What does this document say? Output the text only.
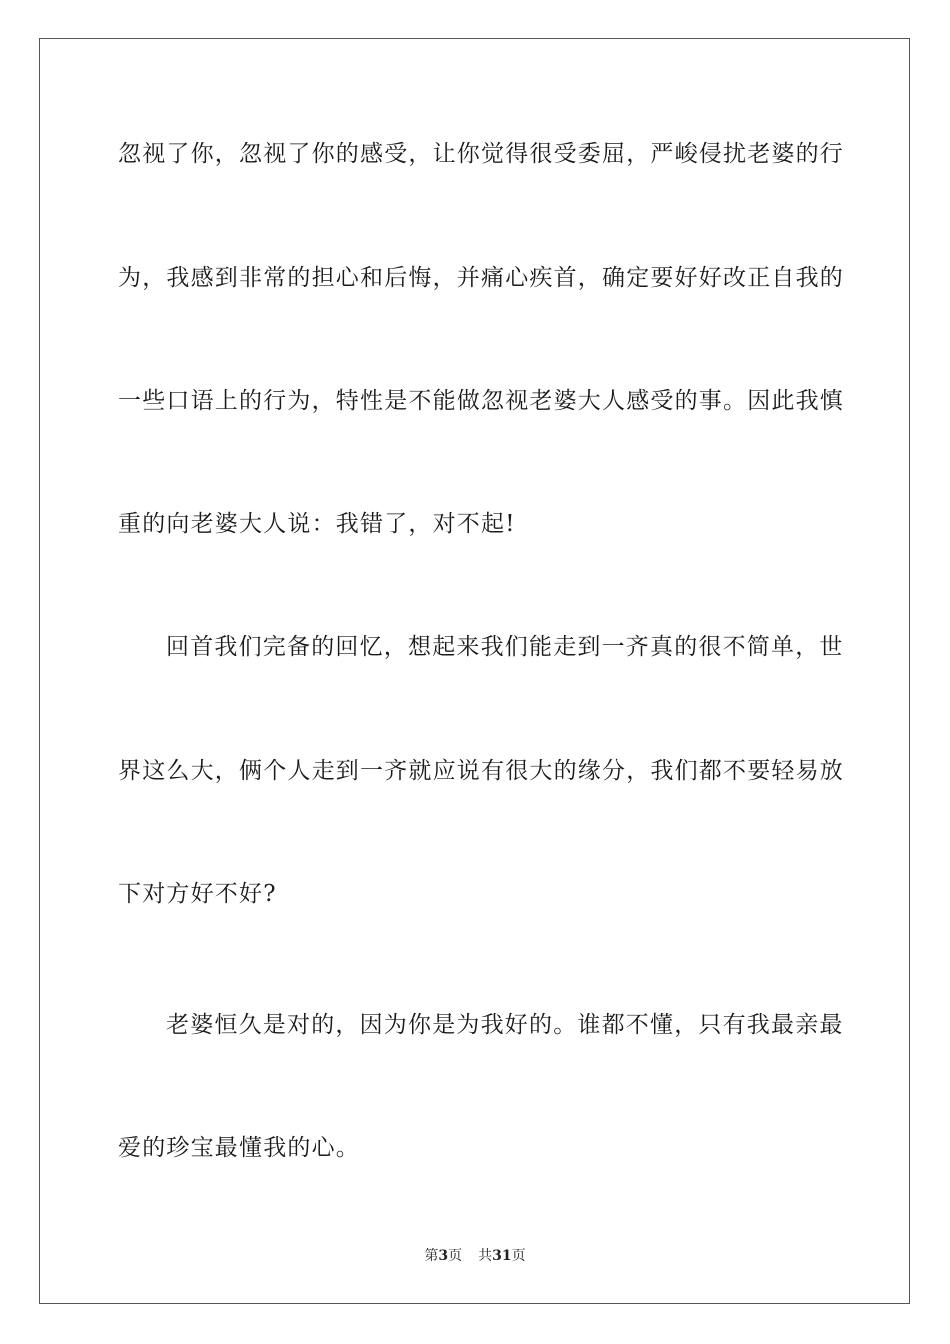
忽视了你，忽视了你的感受，让你觉得很受委屈，严峻侵扰老婆的行
为，我感到非常的担心和后悔，并痛心疾首，确定要好好改正自我的
一些口语上的行为，特性是不能做忽视老婆大人感受的事。因此我慎
重的向老婆大人说：我错了，对不起!
回首我们完备的回忆，想起来我们能走到一齐真的很不简单，世
界这么大，俩个人走到一齐就应说有很大的缘分，我们都不要轻易放
下对方好不好?
老婆恒久是对的，因为你是为我好的。谁都不懂，只有我最亲最
爱的珍宝最懂我的心。
第3页 共31页
